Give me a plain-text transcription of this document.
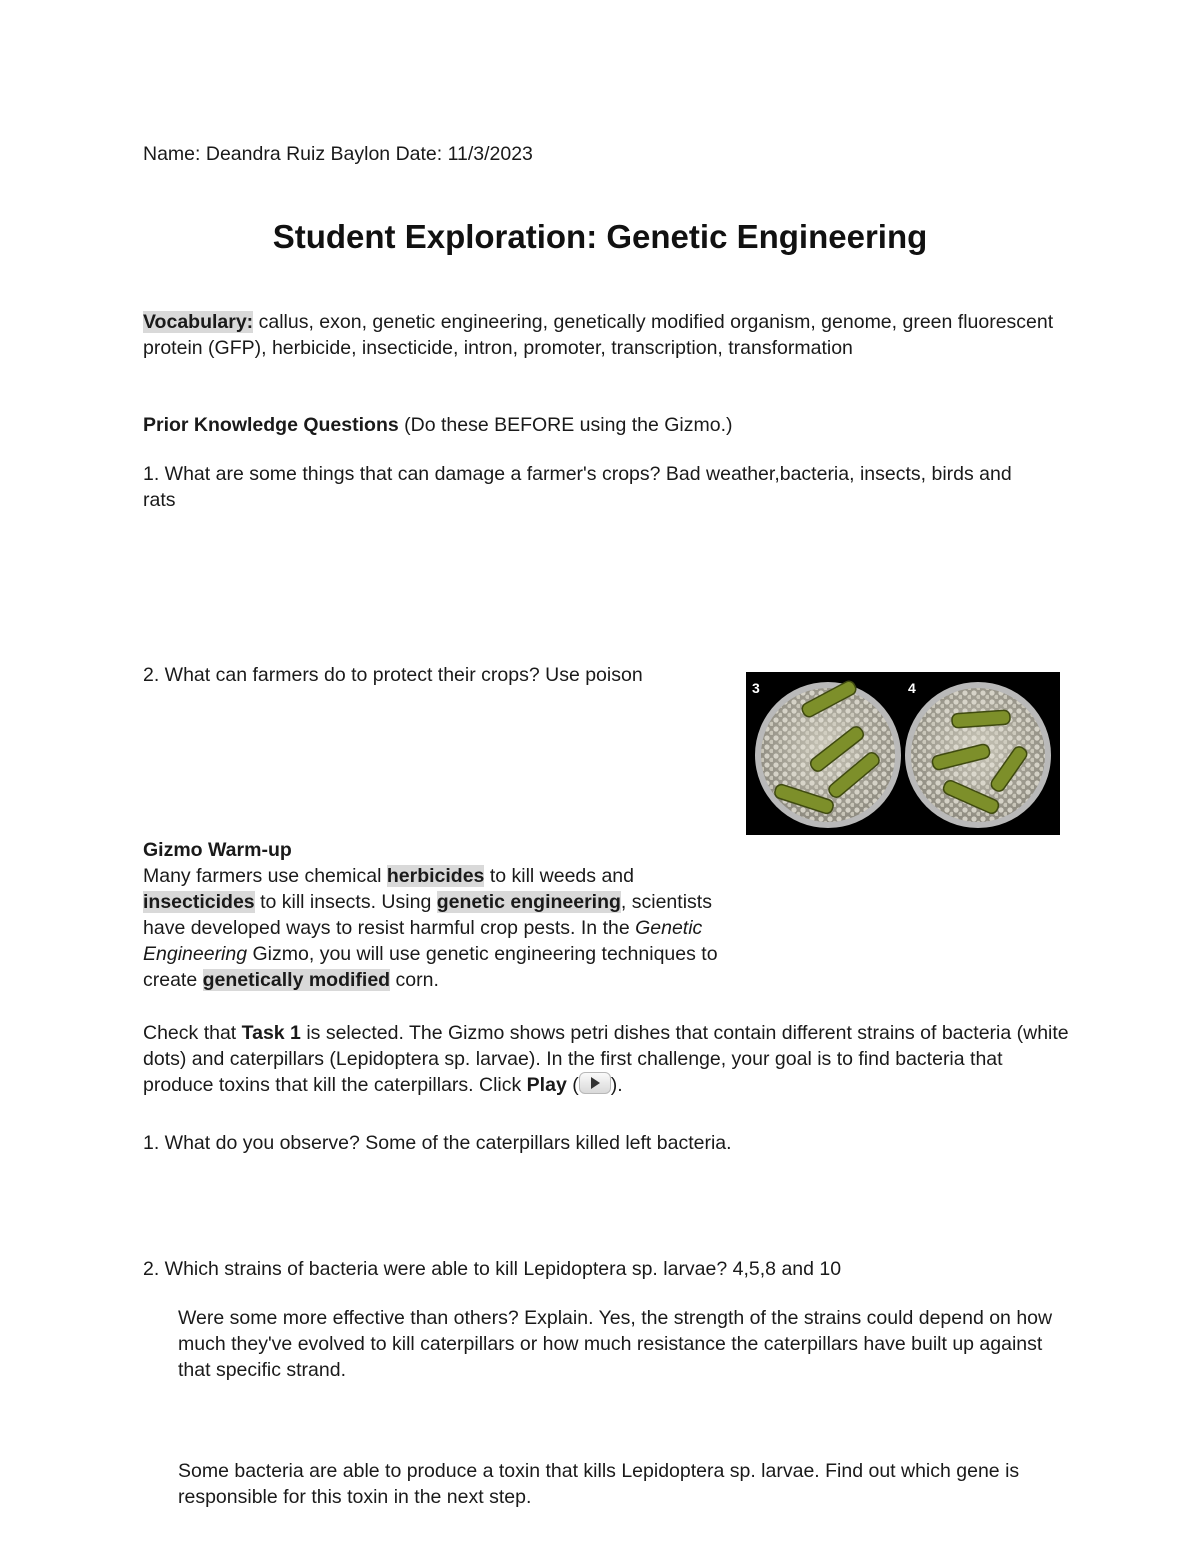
Name: Deandra Ruiz Baylon Date: 11/3/2023
Student Exploration: Genetic Engineering

Vocabulary: callus, exon, genetic engineering, genetically modified organism, genome, green fluorescent protein (GFP), herbicide, insecticide, intron, promoter, transcription, transformation

Prior Knowledge Questions (Do these BEFORE using the Gizmo.)

1. What are some things that can damage a farmer's crops? Bad weather,bacteria, insects, birds and rats

2. What can farmers do to protect their crops? Use poison

3	4

Gizmo Warm-up

Many farmers use chemical herbicides to kill weeds and insecticides to kill insects. Using genetic engineering, scientists have developed ways to resist harmful crop pests. In the Genetic Engineering Gizmo, you will use genetic engineering techniques to create genetically modified corn.

Check that Task 1 is selected. The Gizmo shows petri dishes that contain different strains of bacteria (white dots) and caterpillars (Lepidoptera sp. larvae). In the first challenge, your goal is to find bacteria that produce toxins that kill the caterpillars. Click Play ( ).

1. What do you observe? Some of the caterpillars killed left bacteria.

2. Which strains of bacteria were able to kill Lepidoptera sp. larvae? 4,5,8 and 10

Were some more effective than others? Explain. Yes, the strength of the strains could depend on how much they've evolved to kill caterpillars or how much resistance the caterpillars have built up against that specific strand.

Some bacteria are able to produce a toxin that kills Lepidoptera sp. larvae. Find out which gene is responsible for this toxin in the next step.
